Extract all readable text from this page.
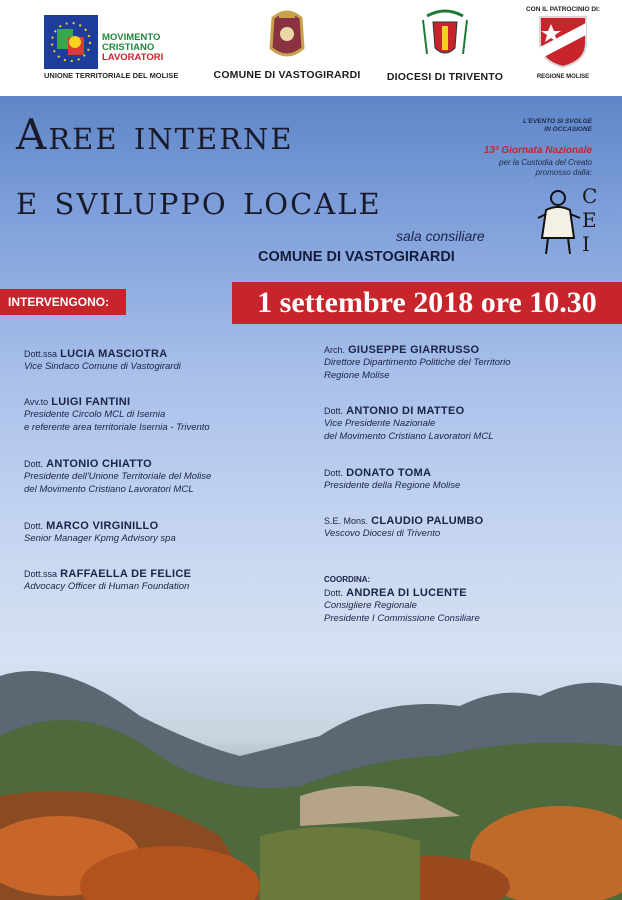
MOVIMENTO
CRISTIANO
LAVORATORI
UNIONE TERRITORIALE DEL MOLISE	COMUNE DI VASTOGIRARDI	DIOCESI DI TRIVENTO
CON IL PATROCINIO DI:
REGIONE MOLISE
Aree interne
e sviluppo locale
L'EVENTO SI SVOLGE
IN OCCASIONE
13ª Giornata Nazionale
per la Custodia del Creato
promosso dalla:
C
E
I
sala consiliare
COMUNE DI VASTOGIRARDI
INTERVENGONO:	1 settembre 2018 ore 10.30
Dott.ssa LUCIA MASCIOTRA
Vice Sindaco Comune di Vastogirardi
Avv.to LUIGI FANTINI
Presidente Circolo MCL di Isernia
e referente area territoriale Isernia - Trivento
Dott. ANTONIO CHIATTO
Presidente dell'Unione Territoriale del Molise
del Movimento Cristiano Lavoratori MCL
Dott. MARCO VIRGINILLO
Senior Manager Kpmg Advisory spa
Dott.ssa RAFFAELLA DE FELICE
Advocacy Officer di Human Foundation
Arch. GIUSEPPE GIARRUSSO
Direttore Dipartimento Politiche del Territorio
Regione Molise
Dott. ANTONIO DI MATTEO
Vice Presidente Nazionale
del Movimento Cristiano Lavoratori MCL
Dott. DONATO TOMA
Presidente della Regione Molise
S.E. Mons. CLAUDIO PALUMBO
Vescovo Diocesi di Trivento
COORDINA:
Dott. ANDREA DI LUCENTE
Consigliere Regionale
Presidente I Commissione Consiliare
